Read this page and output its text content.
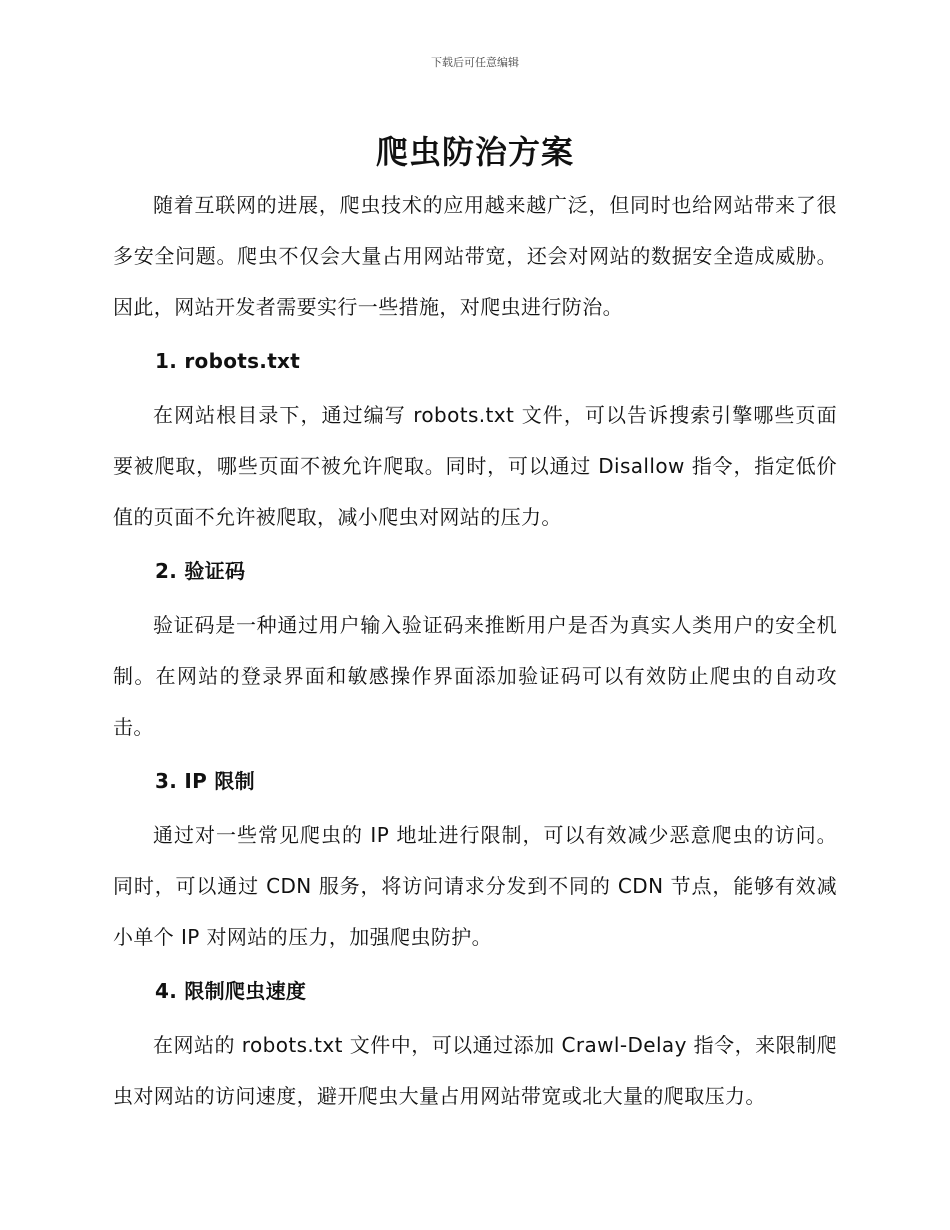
下载后可任意编辑
爬虫防治方案

随着互联网的进展，爬虫技术的应用越来越广泛，但同时也给网站带来了很多安全问题。爬虫不仅会大量占用网站带宽，还会对网站的数据安全造成威胁。因此，网站开发者需要实行一些措施，对爬虫进行防治。

1. robots.txt

在网站根目录下，通过编写 robots.txt 文件，可以告诉搜索引擎哪些页面要被爬取，哪些页面不被允许爬取。同时，可以通过 Disallow 指令，指定低价值的页面不允许被爬取，减小爬虫对网站的压力。

2. 验证码

验证码是一种通过用户输入验证码来推断用户是否为真实人类用户的安全机制。在网站的登录界面和敏感操作界面添加验证码可以有效防止爬虫的自动攻击。

3. IP 限制

通过对一些常见爬虫的 IP 地址进行限制，可以有效减少恶意爬虫的访问。同时，可以通过 CDN 服务，将访问请求分发到不同的 CDN 节点，能够有效减小单个 IP 对网站的压力，加强爬虫防护。

4. 限制爬虫速度

在网站的 robots.txt 文件中，可以通过添加 Crawl-Delay 指令，来限制爬虫对网站的访问速度，避开爬虫大量占用网站带宽或北大量的爬取压力。
